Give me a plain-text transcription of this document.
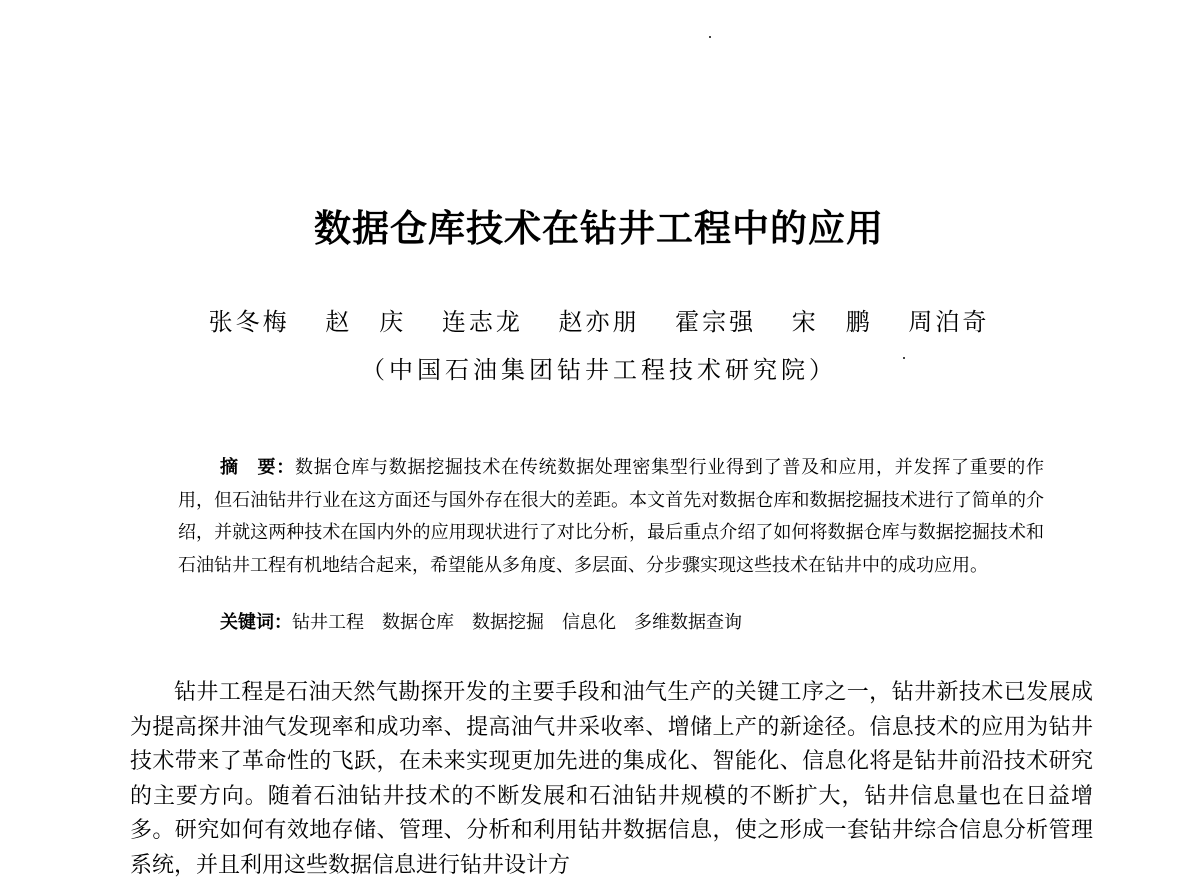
数据仓库技术在钻井工程中的应用
张冬梅 赵　庆 连志龙 赵亦朋 霍宗强 宋　鹏 周泊奇
（中国石油集团钻井工程技术研究院）

摘　要：数据仓库与数据挖掘技术在传统数据处理密集型行业得到了普及和应用，并发挥了重要的作用，但石油钻井行业在这方面还与国外存在很大的差距。本文首先对数据仓库和数据挖掘技术进行了简单的介绍，并就这两种技术在国内外的应用现状进行了对比分析，最后重点介绍了如何将数据仓库与数据挖掘技术和石油钻井工程有机地结合起来，希望能从多角度、多层面、分步骤实现这些技术在钻井中的成功应用。

关键词：钻井工程 数据仓库 数据挖掘 信息化 多维数据查询

钻井工程是石油天然气勘探开发的主要手段和油气生产的关键工序之一，钻井新技术已发展成为提高探井油气发现率和成功率、提高油气井采收率、增储上产的新途径。信息技术的应用为钻井技术带来了革命性的飞跃，在未来实现更加先进的集成化、智能化、信息化将是钻井前沿技术研究的主要方向。随着石油钻井技术的不断发展和石油钻井规模的不断扩大，钻井信息量也在日益增多。研究如何有效地存储、管理、分析和利用钻井数据信息，使之形成一套钻井综合信息分析管理系统，并且利用这些数据信息进行钻井设计方
